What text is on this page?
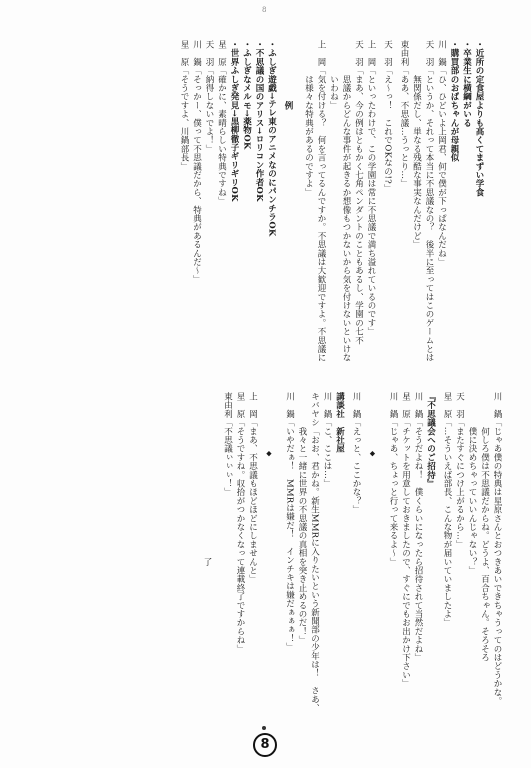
8
・近所の定食屋よりも高くてまずい学食
・卒業生に横綱がいる
・購買部のおばちゃんが母親似
川　鍋「ひ、ひどいよ上岡君、何で僕が下っぱなんだね」
天　羽「というか、それって本当に不思議なの？　後半に至ってはこのゲームとは
　　　　無関係だし、単なる残酷な事実なんだけど」
東由利「ああ、不思議…うっとり…」
天　羽「え～っ！　これでOKなの!?」
上　岡「といったわけで、この学園は常に不思議で満ち溢れているのです」
天　羽「まあ、今の例はともかく七角ペンダントのこともあるし、学園の七不
　　　　思議からどんな事件が起きるか想像もつかないから気を付けないといけな
　　　　いわね」
上　岡「気を付ける？　何を言ってるんですか。不思議は大歓迎ですよ。不思議に
　　　　は様々な特典があるのですよ」
　　　　　　　例
・ふしぎ遊戯→テレ東のアニメなのにパンチラOK
・不思議の国のアリス→ロリコン作者OK
・ふしぎなメルモ→薬物OK
・世界ふしぎ発見→黒柳徹子ギリギリOK
星　原「確かに、素晴らしい特典ですね」
天　羽「納得しないでよ！」
川　鍋「そっかー、僕って不思議だから、特典があるんだ～」
星　原「そうですよ、川鍋部長」
川　鍋「じゃあ僕の特典は星原さんとおつきあいできちゃうってのはどうかな。
　　　　何しろ僕は不思議だからね。どうよ、百合ちゃん。そろそろ
　　　　僕に決めちゃっていいんじゃない？」
天　羽「またすぐにつけ上がるから…」
星　原「…そういえば部長、こんな物が届いていましたよ」
『不思議会へのご招待』
川　鍋「そうだよね！　僕くらいになったら招待されて当然だよね」
星　原「チケットを用意しておきましたので、すぐにでもお出かけ下さい」
川　鍋「じゃあ、ちょっと行って来るよ～」
　　　　　　　　◆
川　鍋「えっと、ここかな？」
講談社　新社屋
川　鍋「こ、ここは…」
キバヤシ「おお、君かね。新生MMRに入りたいという新聞部の少年は！　さあ、
　　　　我々と一緒に世界の不思議の真相を突き止めるのだ！」
川　鍋「いやだぁ！　MMRは嫌だ！　インチキは嫌だぁぁぁ！」
　　　　　　　　◆
上　岡「まあ、不思議もほどほどにしませんと」
星　原「そうですね。収拾がつかなくなって連載終了ですからね」
東由利「不思議ぃぃぃ！」
　　　　　　　　　　　　　　　　　　　了
8
